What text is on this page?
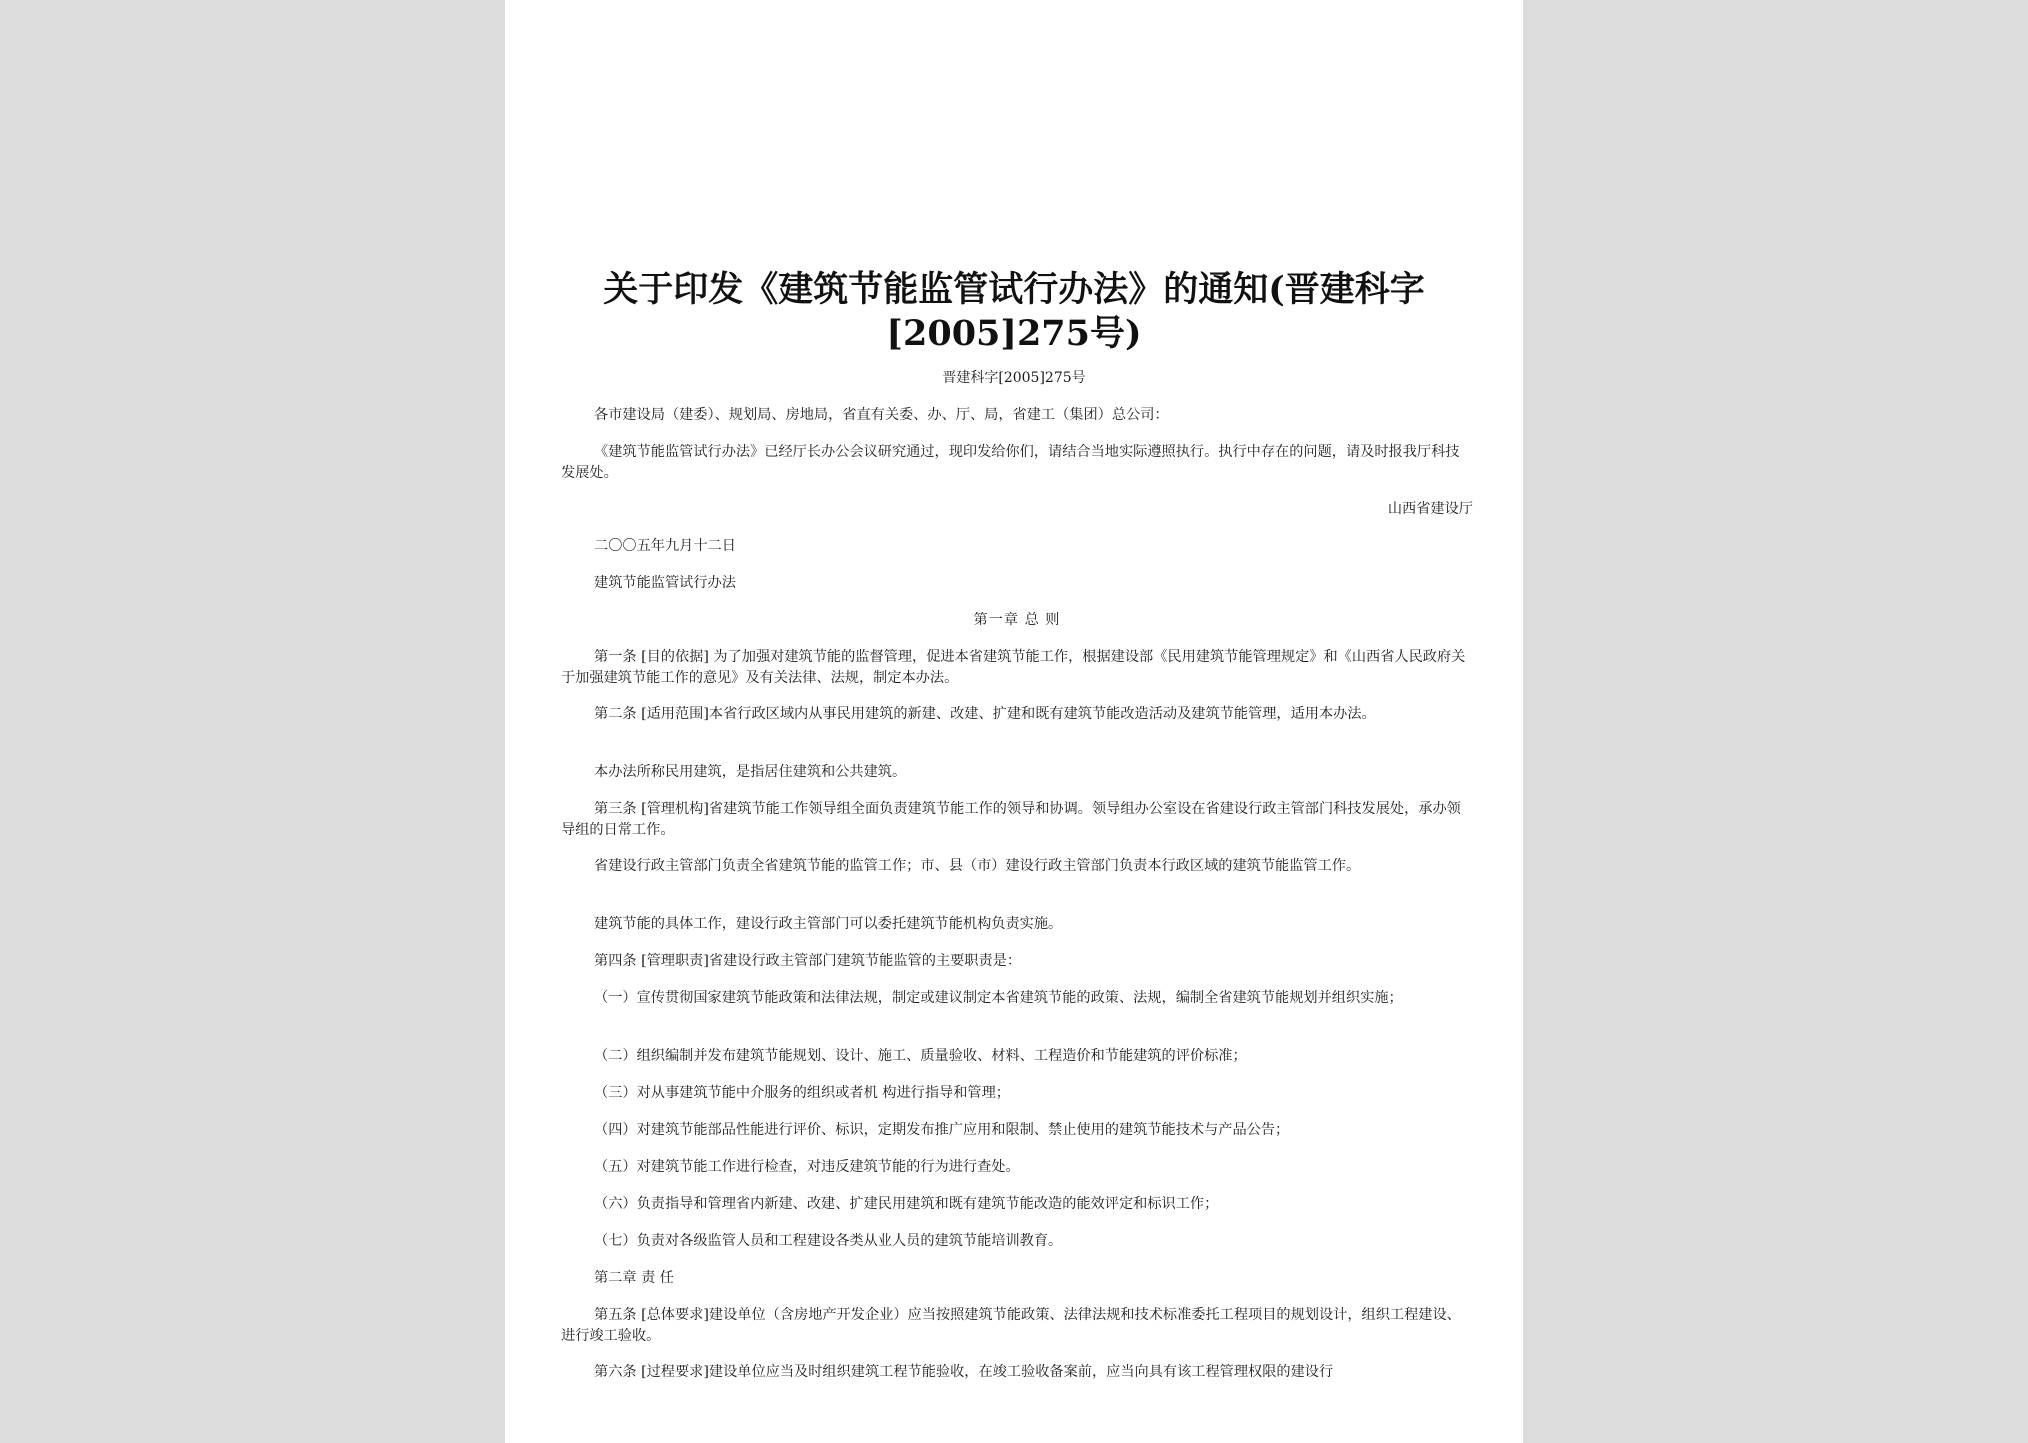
关于印发《建筑节能监管试行办法》的通知(晋建科字
[2005]275号)
晋建科字[2005]275号

各市建设局（建委）、规划局、房地局，省直有关委、办、厅、局，省建工（集团）总公司：

《建筑节能监管试行办法》已经厅长办公会议研究通过，现印发给你们，请结合当地实际遵照执行。执行中存在的问题，请及时报我厅科技发展处。

山西省建设厅

二〇〇五年九月十二日

建筑节能监管试行办法

第一章 总 则

第一条 [目的依据] 为了加强对建筑节能的监督管理，促进本省建筑节能工作，根据建设部《民用建筑节能管理规定》和《山西省人民政府关于加强建筑节能工作的意见》及有关法律、法规，制定本办法。

第二条 [适用范围]本省行政区域内从事民用建筑的新建、改建、扩建和既有建筑节能改造活动及建筑节能管理，适用本办法。

本办法所称民用建筑，是指居住建筑和公共建筑。

第三条 [管理机构]省建筑节能工作领导组全面负责建筑节能工作的领导和协调。领导组办公室设在省建设行政主管部门科技发展处，承办领导组的日常工作。

省建设行政主管部门负责全省建筑节能的监管工作；市、县（市）建设行政主管部门负责本行政区域的建筑节能监管工作。

建筑节能的具体工作，建设行政主管部门可以委托建筑节能机构负责实施。

第四条 [管理职责]省建设行政主管部门建筑节能监管的主要职责是：

（一）宣传贯彻国家建筑节能政策和法律法规，制定或建议制定本省建筑节能的政策、法规，编制全省建筑节能规划并组织实施；

（二）组织编制并发布建筑节能规划、设计、施工、质量验收、材料、工程造价和节能建筑的评价标准；

（三）对从事建筑节能中介服务的组织或者机 构进行指导和管理；

（四）对建筑节能部品性能进行评价、标识，定期发布推广应用和限制、禁止使用的建筑节能技术与产品公告；

（五）对建筑节能工作进行检查，对违反建筑节能的行为进行查处。

（六）负责指导和管理省内新建、改建、扩建民用建筑和既有建筑节能改造的能效评定和标识工作；

（七）负责对各级监管人员和工程建设各类从业人员的建筑节能培训教育。

第二章 责 任

第五条 [总体要求]建设单位（含房地产开发企业）应当按照建筑节能政策、法律法规和技术标准委托工程项目的规划设计，组织工程建设、进行竣工验收。

第六条 [过程要求]建设单位应当及时组织建筑工程节能验收，在竣工验收备案前，应当向具有该工程管理权限的建设行
